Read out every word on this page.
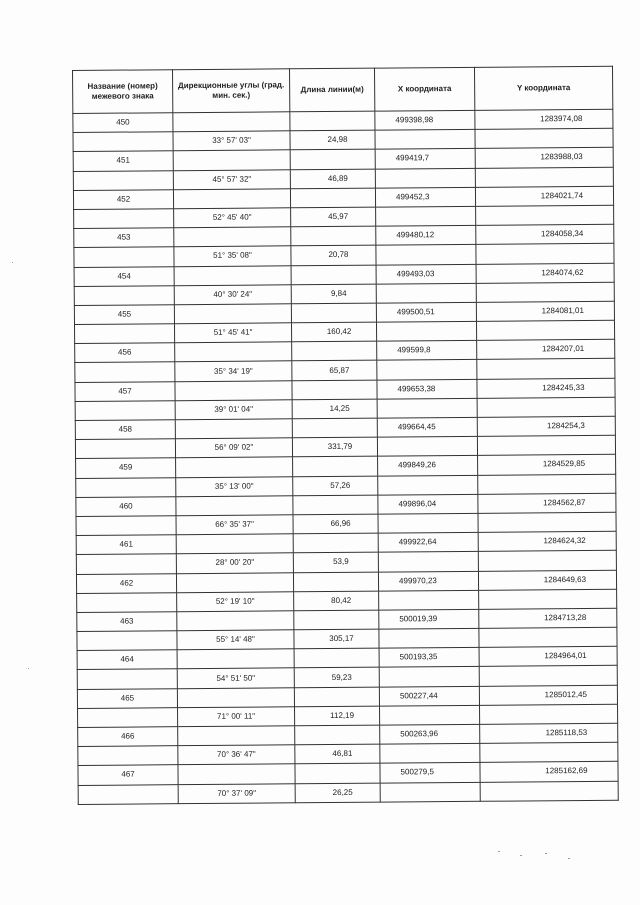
Название (номер) межевого знака	Дирекционные углы (град. мин. сек.)	Длина линии(м)	X координата	Y координата
450			499398,98	1283974,08
	33° 57' 03"	24,98		
451			499419,7	1283988,03
	45° 57' 32"	46,89		
452			499452,3	1284021,74
	52° 45' 40"	45,97		
453			499480,12	1284058,34
	51° 35' 08"	20,78		
454			499493,03	1284074,62
	40° 30' 24"	9,84		
455			499500,51	1284081,01
	51° 45' 41"	160,42		
456			499599,8	1284207,01
	35° 34' 19"	65,87		
457			499653,38	1284245,33
	39° 01' 04"	14,25		
458			499664,45	1284254,3
	56° 09' 02"	331,79		
459			499849,26	1284529,85
	35° 13' 00"	57,26		
460			499896,04	1284562,87
	66° 35' 37"	66,96		
461			499922,64	1284624,32
	28° 00' 20"	53,9		
462			499970,23	1284649,63
	52° 19' 10"	80,42		
463			500019,39	1284713,28
	55° 14' 48"	305,17		
464			500193,35	1284964,01
	54° 51' 50"	59,23		
465			500227,44	1285012,45
	71° 00' 11"	112,19		
466			500263,96	1285118,53
	70° 36' 47"	46,81		
467			500279,5	1285162,69
	70° 37' 09"	26,25		
